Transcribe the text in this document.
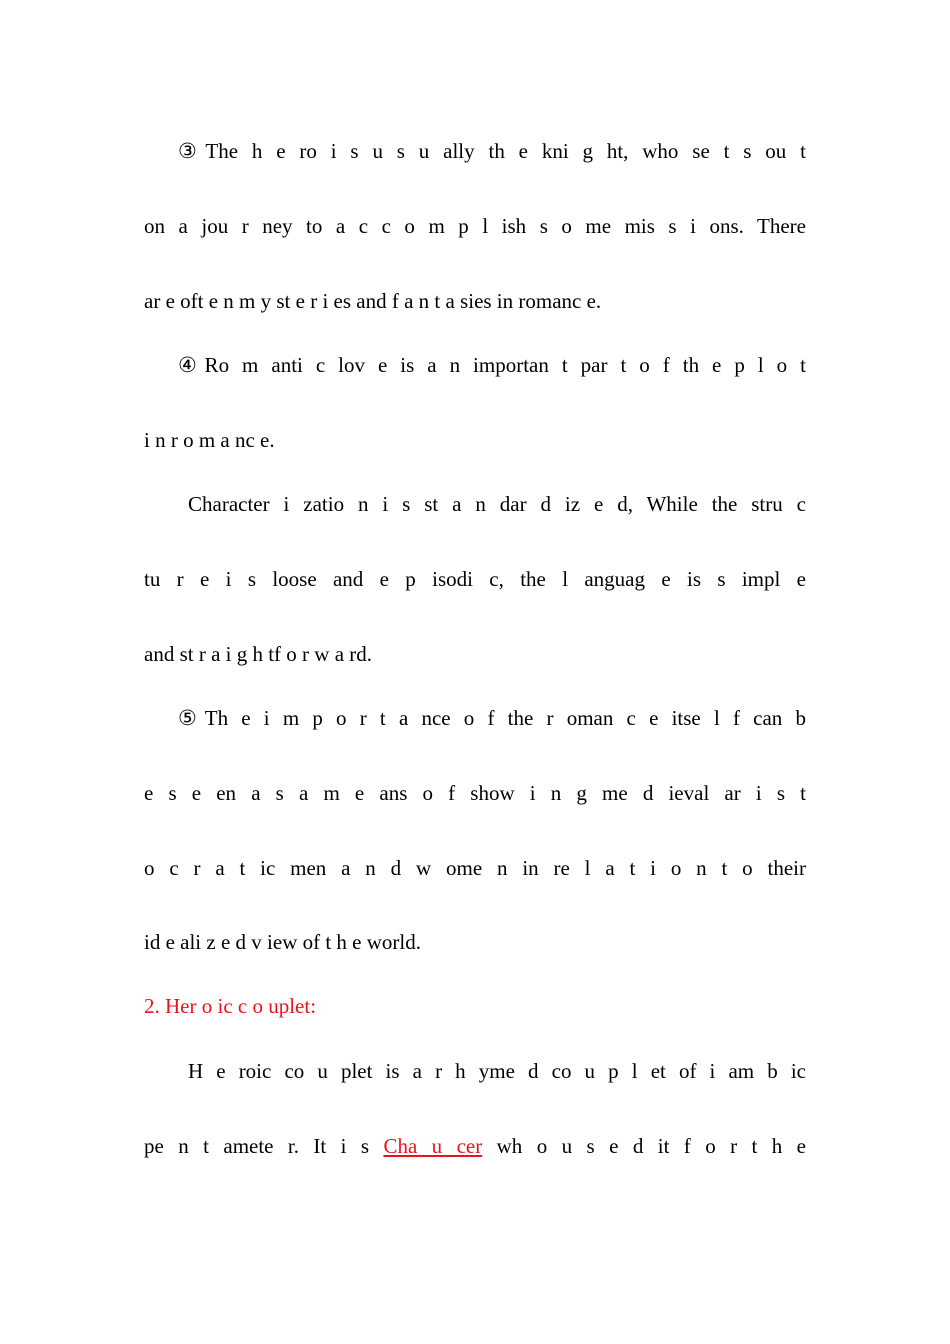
③The h e ro i s u s u ally th e kni g ht, who se t s ou t
on a jou r ney to a c c o m p l ish s o me mis s i ons. There
ar e oft e n m y st e r i es and f a n t a sies in romanc e.
④Ro m anti c lov e is a n importan t par t o f th e p l o t
i n r o m a nc e.
Character i zatio n i s st a n dar d iz e d, While the stru c
tu r e i s loose and e p isodi c, the l anguag e is s impl e
and st r a i g h tf o r w a rd.
⑤Th e i m p o r t a nce o f the r oman c e itse l f can b
e s e en a s a m e ans o f show i n g me d ieval ar i s t
o c r a t ic men a n d w ome n in re l a t i o n t o their
id e ali z e d v iew of t h e world.
2. Her o ic c o uplet:
H e roic co u plet is a r h yme d co u p l et of i am b ic
pe n t amete r. It i s Cha u cer wh o u s e d it f o r t h e
